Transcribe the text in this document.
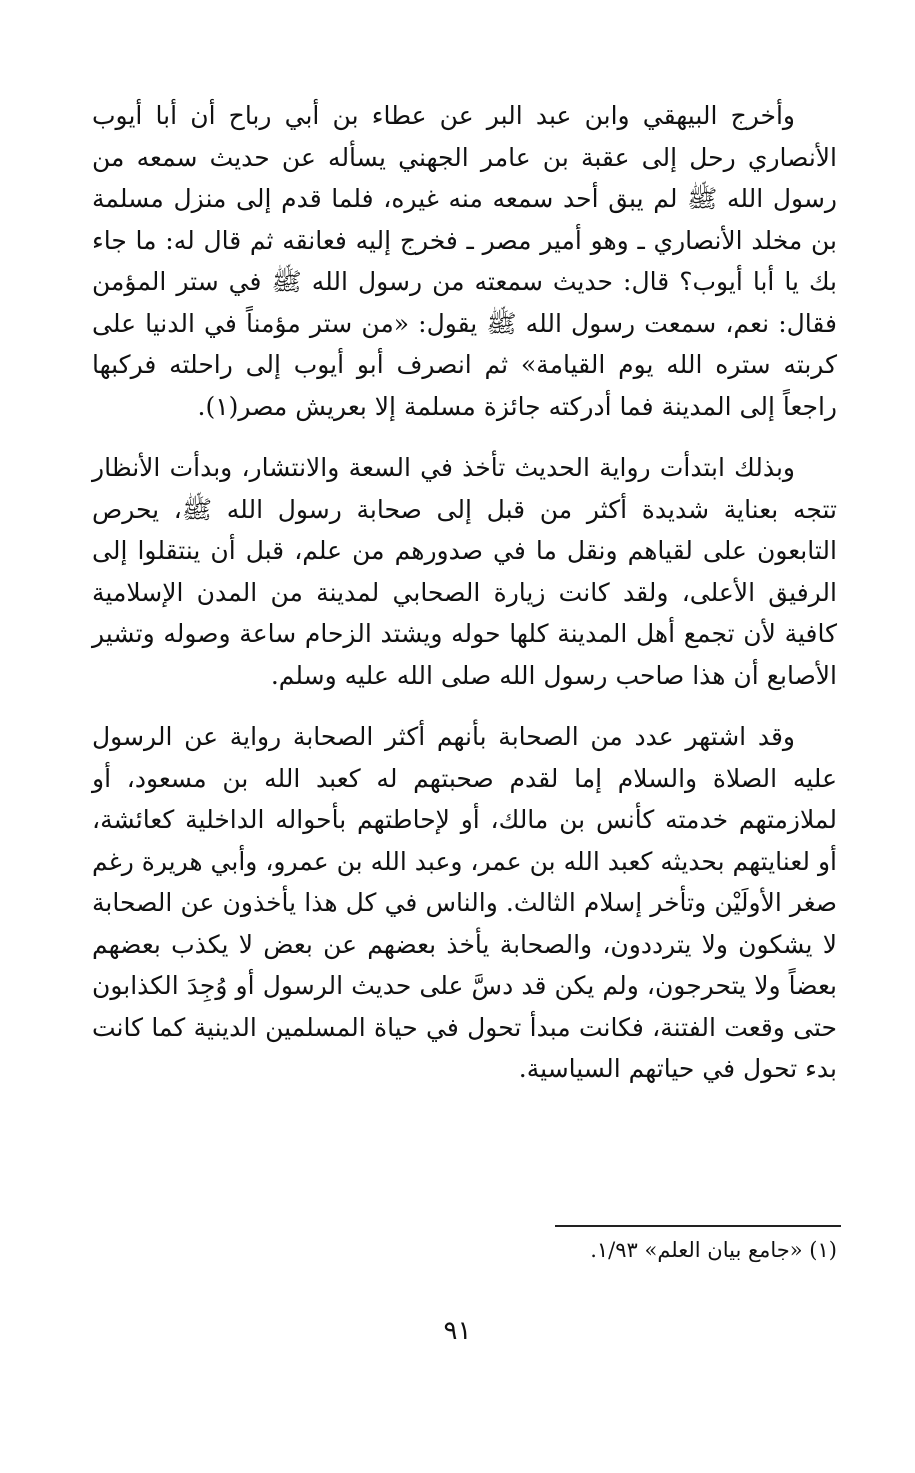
وأخرج البيهقي وابن عبد البر عن عطاء بن أبي رباح أن أبا أيوب الأنصاري رحل إلى عقبة بن عامر الجهني يسأله عن حديث سمعه من رسول الله ﷺ لم يبق أحد سمعه منه غيره، فلما قدم إلى منزل مسلمة بن مخلد الأنصاري ـ وهو أمير مصر ـ فخرج إليه فعانقه ثم قال له: ما جاء بك يا أبا أيوب؟ قال: حديث سمعته من رسول الله ﷺ في ستر المؤمن فقال: نعم، سمعت رسول الله ﷺ يقول: «من ستر مؤمناً في الدنيا على كربته ستره الله يوم القيامة» ثم انصرف أبو أيوب إلى راحلته فركبها راجعاً إلى المدينة فما أدركته جائزة مسلمة إلا بعريش مصر(١).

وبذلك ابتدأت رواية الحديث تأخذ في السعة والانتشار، وبدأت الأنظار تتجه بعناية شديدة أكثر من قبل إلى صحابة رسول الله ﷺ، يحرص التابعون على لقياهم ونقل ما في صدورهم من علم، قبل أن ينتقلوا إلى الرفيق الأعلى، ولقد كانت زيارة الصحابي لمدينة من المدن الإسلامية كافية لأن تجمع أهل المدينة كلها حوله ويشتد الزحام ساعة وصوله وتشير الأصابع أن هذا صاحب رسول الله صلى الله عليه وسلم.

وقد اشتهر عدد من الصحابة بأنهم أكثر الصحابة رواية عن الرسول عليه الصلاة والسلام إما لقدم صحبتهم له كعبد الله بن مسعود، أو لملازمتهم خدمته كأنس بن مالك، أو لإحاطتهم بأحواله الداخلية كعائشة، أو لعنايتهم بحديثه كعبد الله بن عمر، وعبد الله بن عمرو، وأبي هريرة رغم صغر الأولَيْن وتأخر إسلام الثالث. والناس في كل هذا يأخذون عن الصحابة لا يشكون ولا يترددون، والصحابة يأخذ بعضهم عن بعض لا يكذب بعضهم بعضاً ولا يتحرجون، ولم يكن قد دسَّ على حديث الرسول أو وُجِدَ الكذابون حتى وقعت الفتنة، فكانت مبدأ تحول في حياة المسلمين الدينية كما كانت بدء تحول في حياتهم السياسية.

(١) «جامع بيان العلم» ١/٩٣.
٩١
